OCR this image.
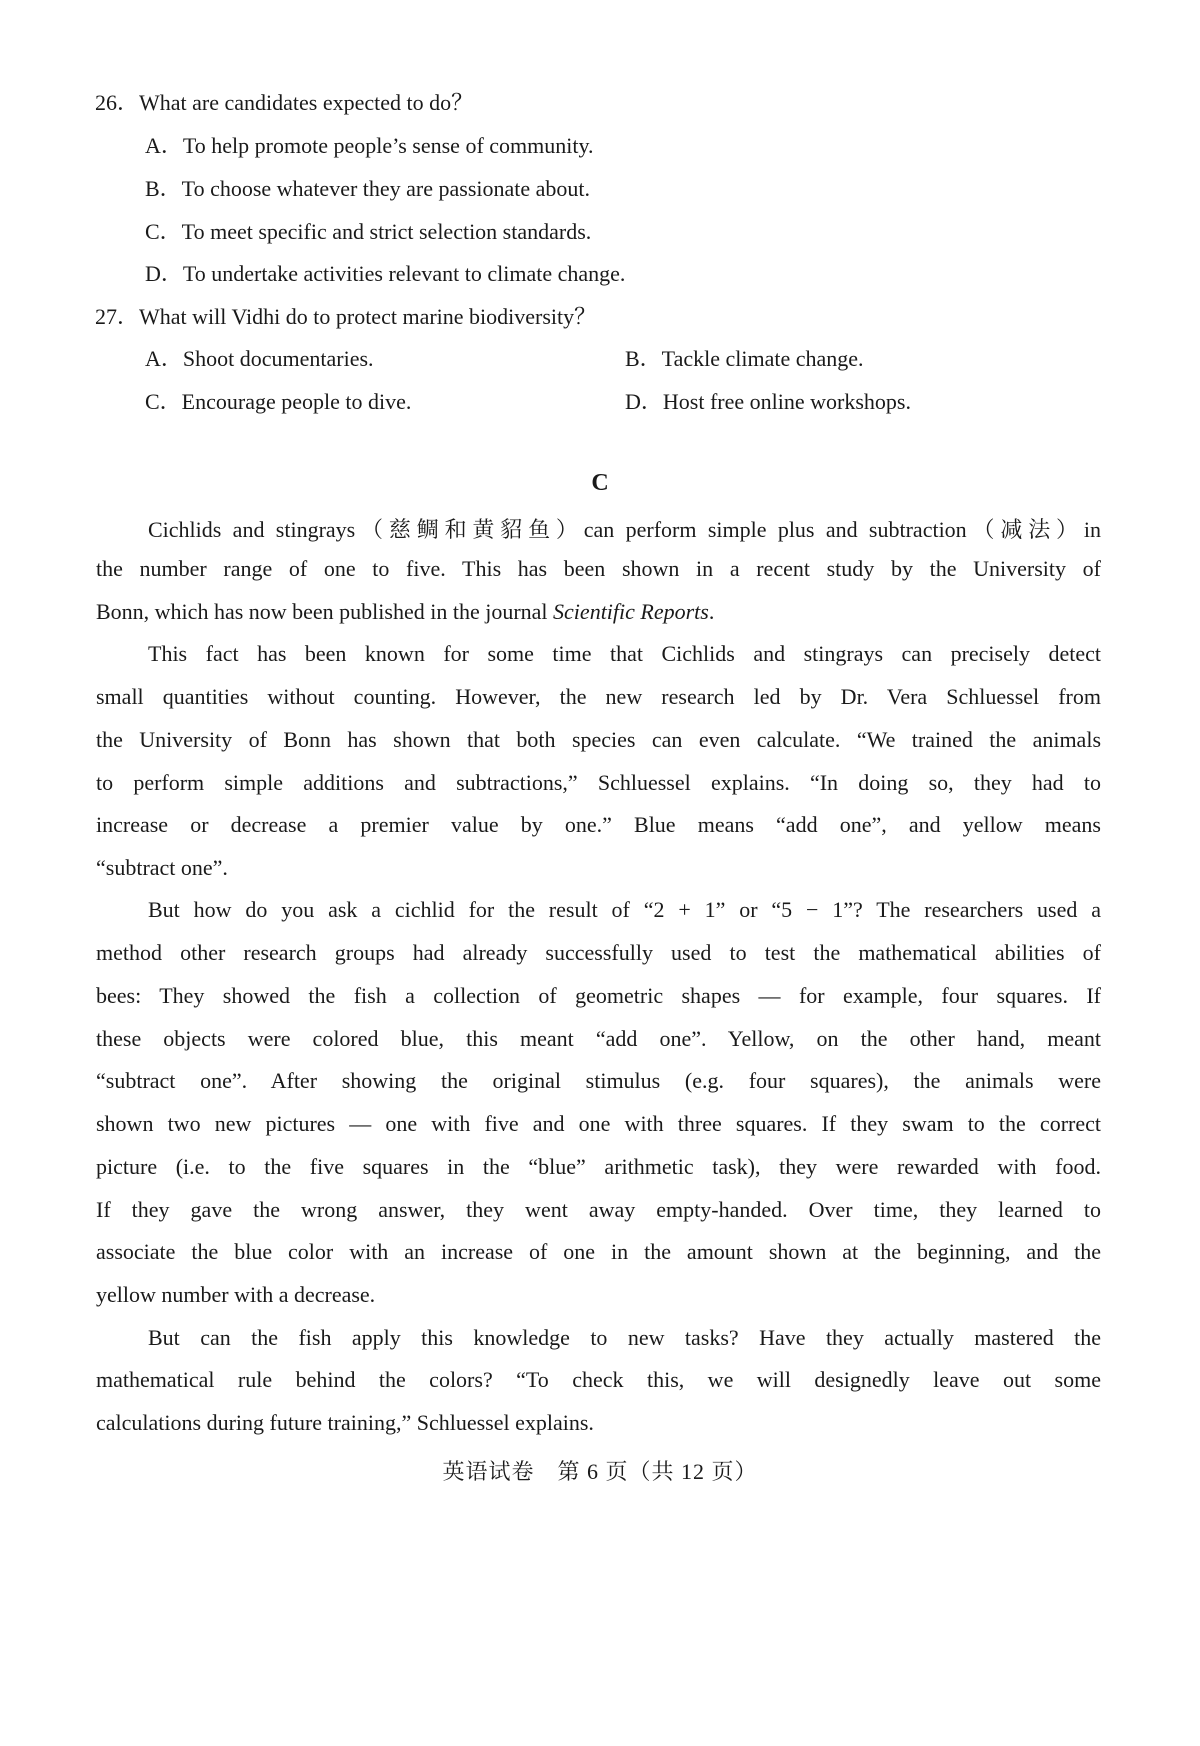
26．What are candidates expected to do？
A．To help promote people’s sense of community.
B．To choose whatever they are passionate about.
C．To meet specific and strict selection standards.
D．To undertake activities relevant to climate change.
27．What will Vidhi do to protect marine biodiversity？
A．Shoot documentaries.	B．Tackle climate change.
C．Encourage people to dive.	D．Host free online workshops.
C
Cichlids and stingrays（慈鲷和黄貂鱼）can perform simple plus and subtraction（减法）in
the number range of one to five. This has been shown in a recent study by the University of
Bonn, which has now been published in the journal Scientific Reports.
This fact has been known for some time that Cichlids and stingrays can precisely detect
small quantities without counting. However, the new research led by Dr. Vera Schluessel from
the University of Bonn has shown that both species can even calculate. “We trained the animals
to perform simple additions and subtractions,” Schluessel explains. “In doing so, they had to
increase or decrease a premier value by one.” Blue means “add one”, and yellow means
“subtract one”.
But how do you ask a cichlid for the result of “2 + 1” or “5 − 1”? The researchers used a
method other research groups had already successfully used to test the mathematical abilities of
bees: They showed the fish a collection of geometric shapes — for example, four squares. If
these objects were colored blue, this meant “add one”. Yellow, on the other hand, meant
“subtract one”. After showing the original stimulus (e.g. four squares), the animals were
shown two new pictures — one with five and one with three squares. If they swam to the correct
picture (i.e. to the five squares in the “blue” arithmetic task), they were rewarded with food.
If they gave the wrong answer, they went away empty-handed. Over time, they learned to
associate the blue color with an increase of one in the amount shown at the beginning, and the
yellow number with a decrease.
But can the fish apply this knowledge to new tasks? Have they actually mastered the
mathematical rule behind the colors? “To check this, we will designedly leave out some
calculations during future training,” Schluessel explains.
英语试卷　第 6 页（共 12 页）
